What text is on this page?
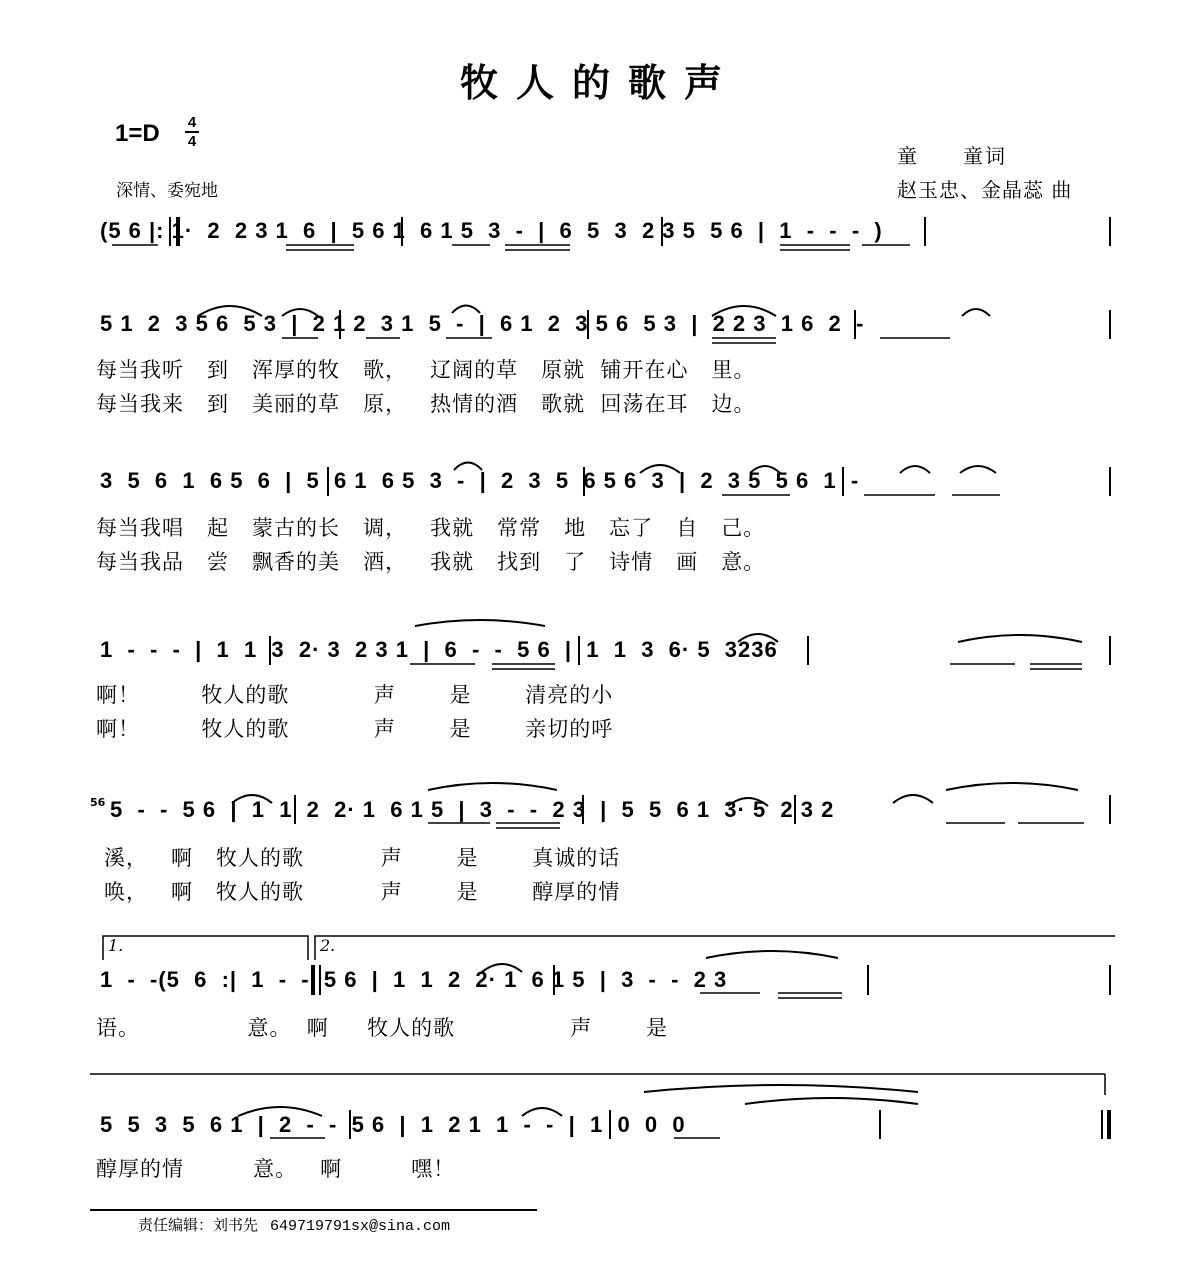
牧人的歌声
1=D	4
4
深情、委宛地
童　　童词
赵玉忠、金晶蕊 曲
(5 6 |: 1·  2  2 3 1  6  |  5 6 1  6 1 5  3  -  |  6  5  3  2 3 5  5 6  |  1  -  -  -  )
5 1  2  3 5 6  5 3  |  2 1 2  3 1  5  -  |  6 1  2  3 5 6  5 3  |  2 2 3  1 6  2  -
每当我听   到   浑厚的牧   歌，   辽阔的草   原就  铺开在心   里。
每当我来   到   美丽的草   原，   热情的酒   歌就  回荡在耳   边。
3  5  6  1  6 5  6  |  5  6 1  6 5  3  -  |  2  3  5  6 5 6  3  |  2  3 5  5 6  1  -
每当我唱   起   蒙古的长   调，   我就   常常   地   忘了   自   己。
每当我品   尝   飘香的美   酒，   我就   找到   了   诗情   画   意。
1  -  -  -  |  1  1  3  2· 3  2 3 1  |  6  -  -  5 6  |  1  1  3  6· 5  3236
啊！        牧人的歌           声       是       清亮的小
啊！        牧人的歌           声       是       亲切的呼
56 5  -  -  5 6  |  1  1  2  2· 1  6 1 5  |  3  -  -  2 3  |  5  5  6 1  3· 5  2 3 2
溪，   啊   牧人的歌          声       是       真诚的话
唤，   啊   牧人的歌          声       是       醇厚的情
1.	2.
1  -  -(5  6  :|  1  -  -  5 6  |  1  1  2  2· 1  6 1 5  |  3  -  -  2 3
语。              意。  啊     牧人的歌               声       是
5  5  3  5  6 1  |  2  -  -  5 6  |  1  2 1  1  -  -  |  1  0  0  0
醇厚的情         意。   啊         嘿！
责任编辑：刘书先 649719791sx@sina.com
